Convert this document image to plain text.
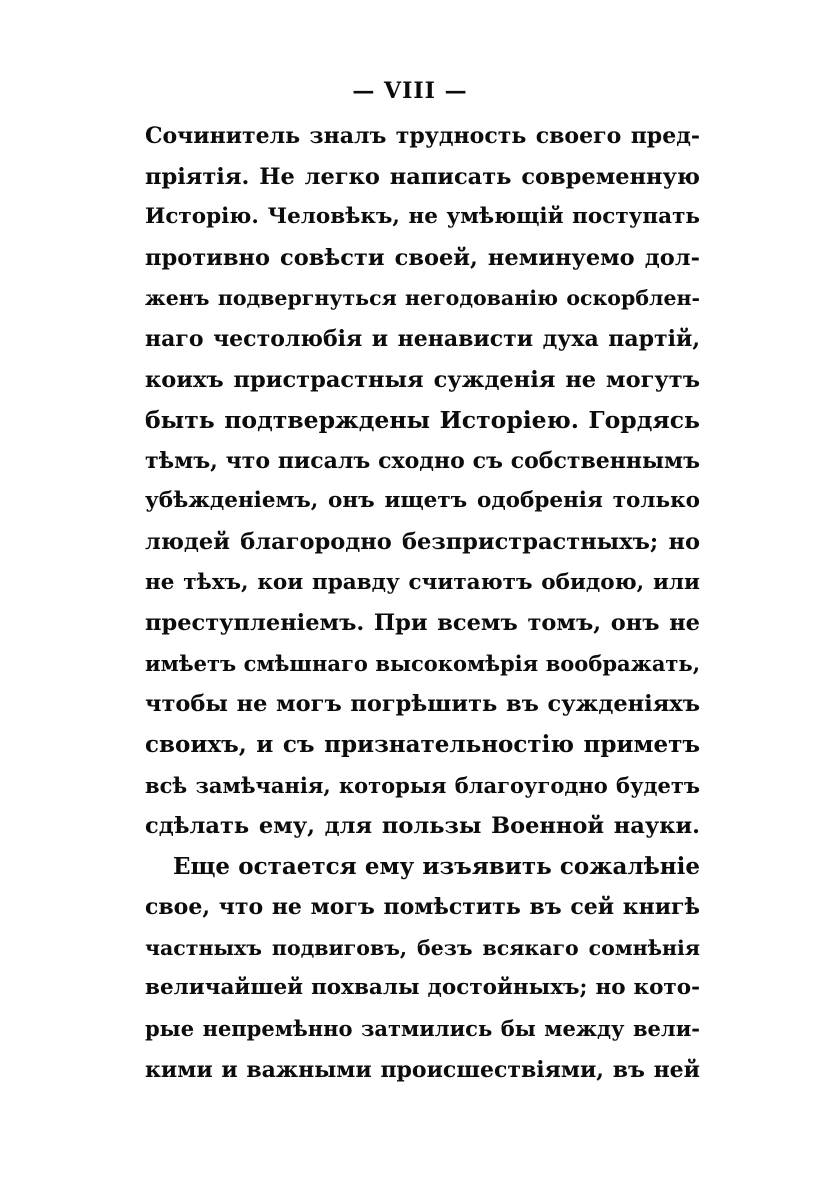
— VIII —
Сочинитель зналъ трудность своего пред-
пріятія. Не легко написать современную
Исторію. Человѣкъ, не умѣющій поступать
противно совѣсти своей, неминуемо дол-
женъ подвергнуться негодованію оскорблен-
наго честолюбія и ненависти духа партій,
коихъ пристрастныя сужденія не могутъ
быть подтверждены Исторіею. Гордясь
тѣмъ, что писалъ сходно съ собственнымъ
убѣжденіемъ, онъ ищетъ одобренія только
людей благородно безпристрастныхъ; но
не тѣхъ, кои правду считаютъ обидою, или
преступленіемъ. При всемъ томъ, онъ не
имѣетъ смѣшнаго высокомѣрія воображать,
чтобы не могъ погрѣшить въ сужденіяхъ
своихъ, и съ признательностію приметъ
всѣ замѣчанія, которыя благоугодно будетъ
сдѣлать ему, для пользы Военной науки.
Еще остается ему изъявить сожалѣніе
свое, что не могъ помѣстить въ сей книгѣ
частныхъ подвиговъ, безъ всякаго сомнѣнія
величайшей похвалы достойныхъ; но кото-
рые непремѣнно затмились бы между вели-
кими и важными происшествіями, въ ней
